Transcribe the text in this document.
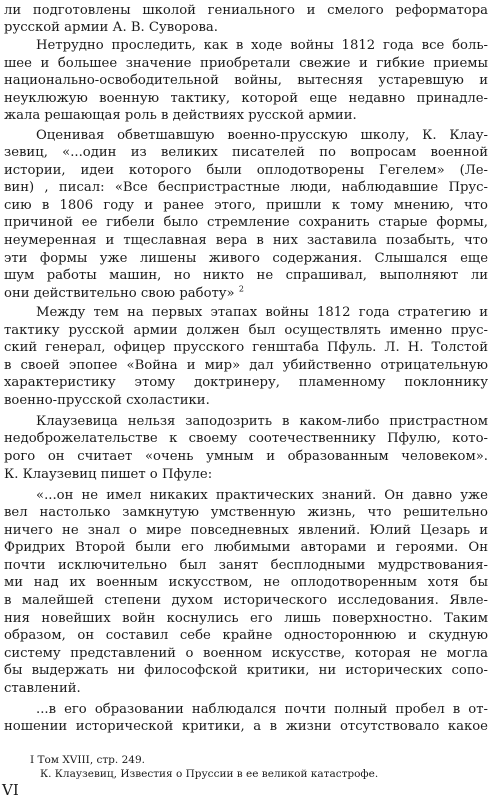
ли подготовлены школой гениального и смелого реформатора
русской армии А. В. Суворова.
Нетрудно проследить, как в ходе войны 1812 года все боль-
шее и большее значение приобретали свежие и гибкие приемы
национально-освободительной войны, вытесняя устаревшую и
неуклюжую военную тактику, которой еще недавно принадле-
жала решающая роль в действиях русской армии.
Оценивая обветшавшую военно-прусскую школу, К. Клау-
зевиц, «...один из великих писателей по вопросам военной
истории, идеи которого были оплодотворены Гегелем» (Ле-
вин) , писал: «Все беспристрастные люди, наблюдавшие Прус-
сию в 1806 году и ранее этого, пришли к тому мнению, что
причиной ее гибели было стремление сохранить старые формы,
неумеренная и тщеславная вера в них заставила позабыть, что
эти формы уже лишены живого содержания. Слышался еще
шум работы машин, но никто не спрашивал, выполняют ли
они действительно свою работу» $^2$
Между тем на первых этапах войны 1812 года стратегию и
тактику русской армии должен был осуществлять именно прус-
ский генерал, офицер прусского генштаба Пфуль. Л. Н. Толстой
в своей эпопее «Война и мир» дал убийственно отрицательную
характеристику этому доктринеру, пламенному поклоннику
военно-прусской схоластики.
Клаузевица нельзя заподозрить в каком-либо пристрастном
недоброжелательстве к своему соотечественнику Пфулю, кото-
рого он считает «очень умным и образованным человеком».
К. Клаузевиц пишет о Пфуле:
«...он не имел никаких практических знаний. Он давно уже
вел настолько замкнутую умственную жизнь, что решительно
ничего не знал о мире повседневных явлений. Юлий Цезарь и
Фридрих Второй были его любимыми авторами и героями. Он
почти исключительно был занят бесплодными мудрствования-
ми над их военным искусством, не оплодотворенным хотя бы
в малейшей степени духом исторического исследования. Явле-
ния новейших войн коснулись его лишь поверхностно. Таким
образом, он составил себе крайне одностороннюю и скудную
систему представлений о военном искусстве, которая не могла
бы выдержать ни философской критики, ни исторических сопо-
ставлений.
...в его образовании наблюдался почти полный пробел в от-
ношении исторической критики, а в жизни отсутствовало какое
I Том XVIII, стр. 249.
К. Клаузевиц, Известия о Пруссии в ее великой катастрофе.
VI
